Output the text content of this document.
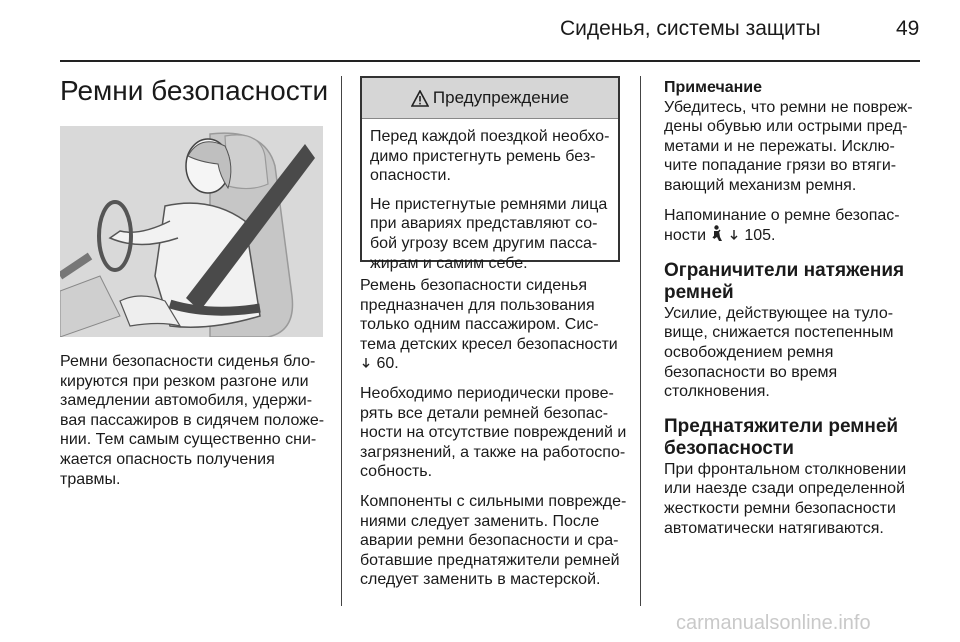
Сиденья, системы защиты	49
Ремни безопасности

Ремни безопасности сиденья блокируются при резком разгоне или замедлении автомобиля, удерживая пассажиров в сидячем положении. Тем самым существенно снижается опасность получения травмы.

Предупреждение

Перед каждой поездкой необходимо пристегнуть ремень безопасности.

Не пристегнутые ремнями лица при авариях представляют собой угрозу всем другим пассажирам и самим себе.

Ремень безопасности сиденья предназначен для пользования только одним пассажиром. Система детских кресел безопасности
60.

Необходимо периодически проверять все детали ремней безопасности на отсутствие повреждений и загрязнений, а также на работоспособность.

Компоненты с сильными повреждениями следует заменить. После аварии ремни безопасности и сработавшие преднатяжители ремней следует заменить в мастерской.

Примечание
Убедитесь, что ремни не повреждены обувью или острыми предметами и не пережаты. Исключите попадание грязи во втягивающий механизм ремня.

Напоминание о ремне безопасности 105.

Ограничители натяжения ремней

Усилие, действующее на туловище, снижается постепенным освобождением ремня безопасности во время столкновения.

Преднатяжители ремней безопасности

При фронтальном столкновении или наезде сзади определенной жесткости ремни безопасности автоматически натягиваются.

carmanualsonline.info
